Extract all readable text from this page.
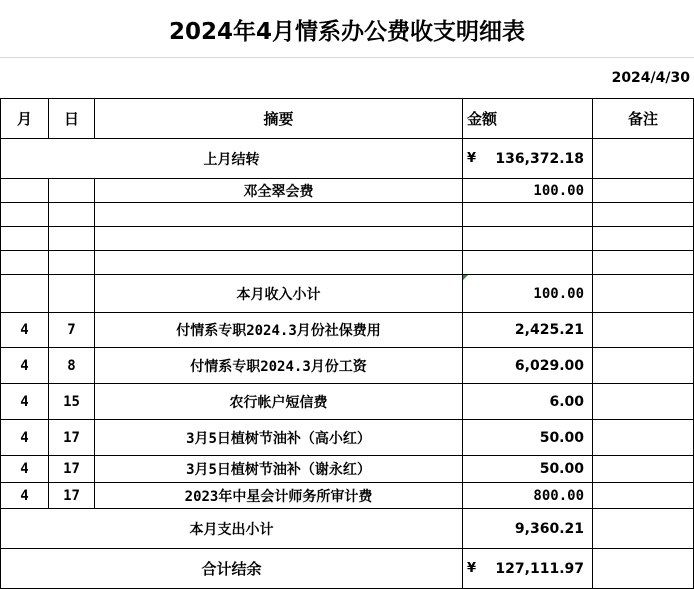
2024年4月情系办公费收支明细表
2024/4/30
月	日	摘要	金额	备注
上月结转	¥	136,372.18
邓全翠会费	100.00
本月收入小计	100.00
4	7	付情系专职2024.3月份社保费用	2,425.21
4	8	付情系专职2024.3月份工资	6,029.00
4	15	农行帐户短信费	6.00
4	17	3月5日植树节油补（高小红）	50.00
4	17	3月5日植树节油补（谢永红）	50.00
4	17	2023年中星会计师务所审计费	800.00
本月支出小计	9,360.21
合计结余	¥	127,111.97
